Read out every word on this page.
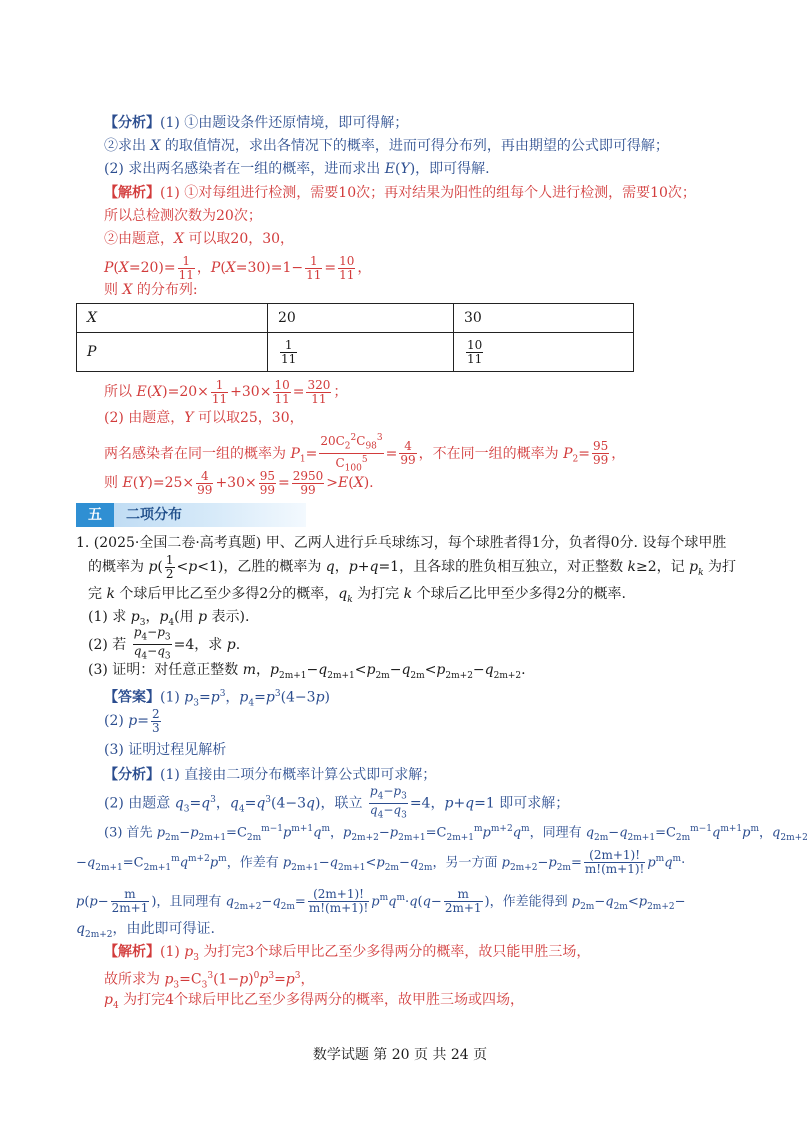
【分析】(1) ①由题设条件还原情境，即可得解；
②求出 X 的取值情况，求出各情况下的概率，进而可得分布列，再由期望的公式即可得解；
(2) 求出两名感染者在一组的概率，进而求出 E(Y)，即可得解.
【解析】(1) ①对每组进行检测，需要10次；再对结果为阳性的组每个人进行检测，需要10次；
所以总检测次数为20次；
②由题意，X 可以取20，30，
$P(X=20)= \frac{1}{11}$ ，$P(X=30)=1- \frac{1}{11} = \frac{10}{11}$ ，
则 X 的分布列:
X	20	30
P	$\frac{1}{11}$	$\frac{10}{11}$
所以 $E(X)=20\times \frac{1}{11} +30\times \frac{10}{11} = \frac{320}{11}$ ；
(2) 由题意，Y 可以取25，30，
两名感染者在同一组的概率为 $P_1= \frac{20C_2^2C_{98}^3}{C_{100}^5} = \frac{4}{99}$ ，不在同一组的概率为 $P_2= \frac{95}{99}$ ，
则 $E(Y)=25\times \frac{4}{99} +30\times \frac{95}{99} = \frac{2950}{99} >E(X)$.
五	二项分布
1. (2025·全国二卷·高考真题) 甲、乙两人进行乒乓球练习，每个球胜者得1分，负者得0分. 设每个球甲胜
的概率为 $p( \frac{1}{2} <p<1)$，乙胜的概率为 q，p+q=1，且各球的胜负相互独立，对正整数 k≥2，记 $p_k$ 为打
完 k 个球后甲比乙至少多得2分的概率，$q_k$ 为打完 k 个球后乙比甲至少多得2分的概率.
(1) 求 $p_3$，$p_4$(用 p 表示).
(2) 若 $\frac{p_4-p_3}{q_4-q_3} =4$，求 p.
(3) 证明：对任意正整数 m，$p_{2m+1}-q_{2m+1}<p_{2m}-q_{2m}<p_{2m+2}-q_{2m+2}$.
【答案】(1) $p_3=p^3$，$p_4=p^3(4-3p)$
(2) $p= \frac{2}{3}$
(3) 证明过程见解析
【分析】(1) 直接由二项分布概率计算公式即可求解；
(2) 由题意 $q_3=q^3$，$q_4=q^3(4-3q)$，联立 $\frac{p_4-p_3}{q_4-q_3} =4$，p+q=1 即可求解；
(3) 首先 $p_{2m}-p_{2m+1}=C_{2m}^{m-1}p^{m+1}q^m$，$p_{2m+2}-p_{2m+1}=C_{2m+1}^mp^{m+2}q^m$，同理有 $q_{2m}-q_{2m+1}=C_{2m}^{m-1}q^{m+1}p^m$，$q_{2m+2}$
$-q_{2m+1}=C_{2m+1}^mq^{m+2}p^m$，作差有 $p_{2m+1}-q_{2m+1}<p_{2m}-q_{2m}$，另一方面 $p_{2m+2}-p_{2m}= \frac{(2m+1)!}{m!(m+1)!} p^mq^m\cdot$
$p(p- \frac{m}{2m+1}$ )，且同理有 $q_{2m+2}-q_{2m}= \frac{(2m+1)!}{m!(m+1)!} p^mq^m\cdot q(q- \frac{m}{2m+1}$ )，作差能得到 $p_{2m}-q_{2m}<p_{2m+2}-$
$q_{2m+2}$，由此即可得证.
【解析】(1) $p_3$ 为打完3个球后甲比乙至少多得两分的概率，故只能甲胜三场，
故所求为 $p_3=C_3^3(1-p)^0p^3=p^3$，
$p_4$ 为打完4个球后甲比乙至少多得两分的概率，故甲胜三场或四场，
数学试题 第 20 页 共 24 页
